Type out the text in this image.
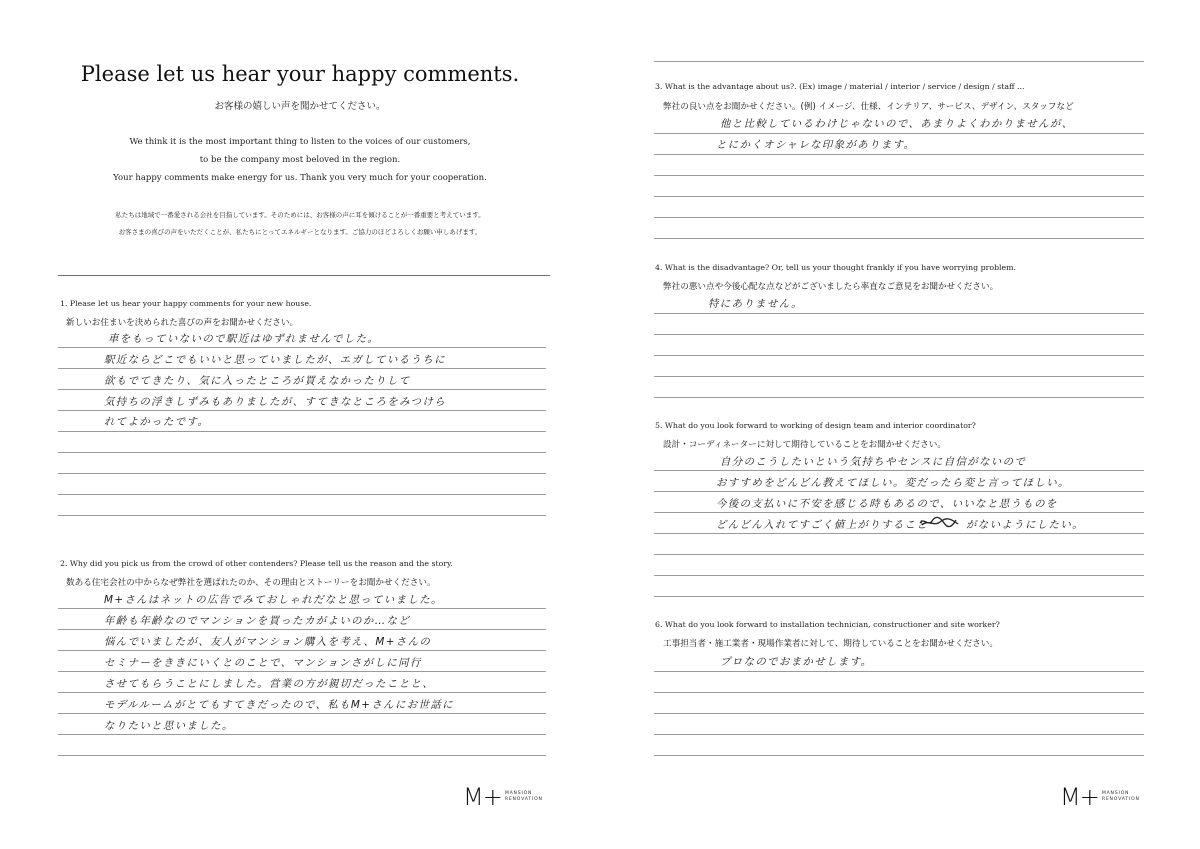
Please let us hear your happy comments.
お客様の嬉しい声を聞かせてください。
We think it is the most important thing to listen to the voices of our customers,
to be the company most beloved in the region.
Your happy comments make energy for us. Thank you very much for your cooperation.
私たちは地域で一番愛される会社を目指しています。そのためには、お客様の声に耳を傾けることが一番重要と考えています。
お客さまの喜びの声をいただくことが、私たちにとってエネルギーとなります。ご協力のほどよろしくお願い申しあげます。
1. Please let us hear your happy comments for your new house.
新しいお住まいを決められた喜びの声をお聞かせください。
車をもっていないので駅近はゆずれませんでした。
駅近ならどこでもいいと思っていましたが、エガしているうちに
欲もでてきたり、気に入ったところが買えなかったりして
気持ちの浮きしずみもありましたが、すてきなところをみつけら
れてよかったです。
2. Why did you pick us from the crowd of other contenders? Please tell us the reason and the story.
数ある住宅会社の中からなぜ弊社を選ばれたのか、その理由とストーリーをお聞かせください。
M+さんはネットの広告でみておしゃれだなと思っていました。
年齢も年齢なのでマンションを買ったカがよいのか…など
悩んでいましたが、友人がマンション購入を考え、M+さんの
セミナーをききにいくとのことで、マンションさがしに同行
させてもらうことにしました。営業の方が親切だったことと、
モデルルームがとてもすてきだったので、私もM+さんにお世話に
なりたいと思いました。
M+ MANSION
RENOVATION
3. What is the advantage about us?. (Ex) image / material / interior / service / design / staff ...
弊社の良い点をお聞かせください。(例) イメージ、仕様、インテリア、サービス、デザイン、スタッフなど
他と比較しているわけじゃないので、あまりよくわかりませんが、
とにかくオシャレな印象があります。
4. What is the disadvantage? Or, tell us your thought frankly if you have worrying problem.
弊社の悪い点や今後心配な点などがございましたら率直なご意見をお聞かせください。
特にありません。
5. What do you look forward to working of design team and interior coordinator?
設計・コーディネーターに対して期待していることをお聞かせください。
自分のこうしたいという気持ちやセンスに自信がないので
おすすめをどんどん教えてほしい。変だったら変と言ってほしい。
今後の支払いに不安を感じる時もあるので、いいなと思うものを
どんどん入れてすごく値上がりすること	がないようにしたい。
6. What do you look forward to installation technician, constructioner and site worker?
工事担当者・施工業者・現場作業者に対して、期待していることをお聞かせください。
プロなのでおまかせします。
M+ MANSION
RENOVATION
